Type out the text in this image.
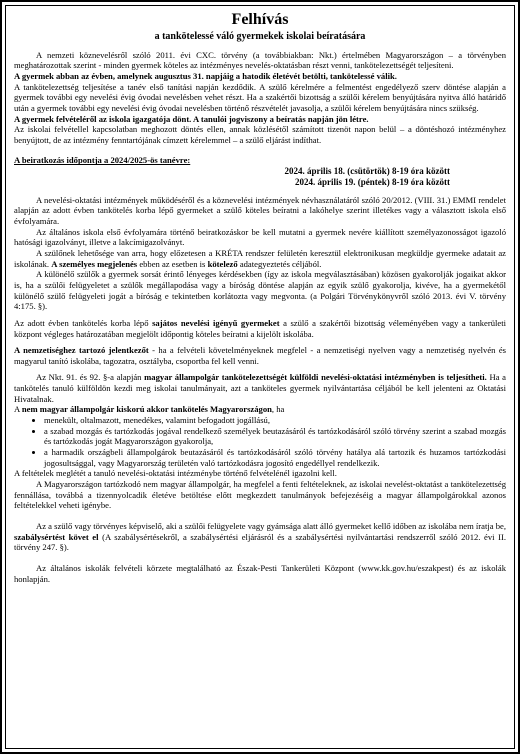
Felhívás
a tankötelessé váló gyermekek iskolai beíratására

A nemzeti köznevelésről szóló 2011. évi CXC. törvény (a továbbiakban: Nkt.) értelmében Magyarországon – a törvényben meghatározottak szerint - minden gyermek köteles az intézményes nevelés-oktatásban részt venni, tankötelezettségét teljesíteni.

A gyermek abban az évben, amelynek augusztus 31. napjáig a hatodik életévét betölti, tankötelessé válik.

A tankötelezettség teljesítése a tanév első tanítási napján kezdődik. A szülő kérelmére a felmentést engedélyező szerv döntése alapján a gyermek további egy nevelési évig óvodai nevelésben vehet részt. Ha a szakértői bizottság a szülői kérelem benyújtására nyitva álló határidő után a gyermek további egy nevelési évig óvodai nevelésben történő részvételét javasolja, a szülői kérelem benyújtására nincs szükség.

A gyermek felvételéről az iskola igazgatója dönt. A tanulói jogviszony a beíratás napján jön létre.

Az iskolai felvétellel kapcsolatban meghozott döntés ellen, annak közlésétől számított tizenöt napon belül – a döntéshozó intézményhez benyújtott, de az intézmény fenntartójának címzett kérelemmel – a szülő eljárást indíthat.

A beiratkozás időpontja a 2024/2025-ös tanévre:

2024. április 18. (csütörtök) 8-19 óra között
2024. április 19. (péntek) 8-19 óra között

A nevelési-oktatási intézmények működéséről és a köznevelési intézmények névhasználatáról szóló 20/2012. (VIII. 31.) EMMI rendelet alapján az adott évben tankötelés korba lépő gyermeket a szülő köteles beíratni a lakóhelye szerint illetékes vagy a választott iskola első évfolyamára.

Az általános iskola első évfolyamára történő beiratkozáskor be kell mutatni a gyermek nevére kiállított személyazonosságot igazoló hatósági igazolványt, illetve a lakcímigazolványt.

A szülőnek lehetősége van arra, hogy előzetesen a KRÉTA rendszer felületén keresztül elektronikusan megküldje gyermeke adatait az iskolának. A személyes megjelenés ebben az esetben is kötelező adategyeztetés céljából.

A különélő szülők a gyermek sorsát érintő lényeges kérdésekben (így az iskola megválasztásában) közösen gyakorolják jogaikat akkor is, ha a szülői felügyeletet a szülők megállapodása vagy a bíróság döntése alapján az egyik szülő gyakorolja, kivéve, ha a gyermekétől különélő szülő felügyeleti jogát a bíróság e tekintetben korlátozta vagy megvonta. (a Polgári Törvénykönyvről szóló 2013. évi V. törvény 4:175. §).

Az adott évben tankötelés korba lépő sajátos nevelési igényű gyermeket a szülő a szakértői bizottság véleményében vagy a tankerületi központ végleges határozatában megjelölt időpontig köteles beíratni a kijelölt iskolába.

A nemzetiséghez tartozó jelentkezőt - ha a felvételi követelményeknek megfelel - a nemzetiségi nyelven vagy a nemzetiség nyelvén és magyarul tanító iskolába, tagozatra, osztályba, csoportba fel kell venni.

Az Nkt. 91. és 92. §-a alapján magyar állampolgár tankötelezettségét külföldi nevelési-oktatási intézményben is teljesítheti. Ha a tankötelés tanuló külföldön kezdi meg iskolai tanulmányait, azt a tanköteles gyermek nyilvántartása céljából be kell jelenteni az Oktatási Hivatalnak.

A nem magyar állampolgár kiskorú akkor tankötelés Magyarországon, ha

• menekült, oltalmazott, menedékes, valamint befogadott jogállású,
• a szabad mozgás és tartózkodás jogával rendelkező személyek beutazásáról és tartózkodásáról szóló törvény szerint a szabad mozgás és tartózkodás jogát Magyarországon gyakorolja,
• a harmadik országbeli állampolgárok beutazásáról és tartózkodásáról szóló törvény hatálya alá tartozik és huzamos tartózkodási jogosultsággal, vagy Magyarország területén való tartózkodásra jogosító engedéllyel rendelkezik.

A feltételek meglétét a tanuló nevelési-oktatási intézménybe történő felvételénél igazolni kell.

A Magyarországon tartózkodó nem magyar állampolgár, ha megfelel a fenti feltételeknek, az iskolai nevelést-oktatást a tankötelezettség fennállása, továbbá a tizennyolcadik életéve betöltése előtt megkezdett tanulmányok befejezéséig a magyar állampolgárokkal azonos feltételekkel veheti igénybe.

Az a szülő vagy törvényes képviselő, aki a szülői felügyelete vagy gyámsága alatt álló gyermeket kellő időben az iskolába nem íratja be, szabálysértést követ el (A szabálysértésekről, a szabálysértési eljárásról és a szabálysértési nyilvántartási rendszerről szóló 2012. évi II. törvény 247. §).

Az általános iskolák felvételi körzete megtalálható az Észak-Pesti Tankerületi Központ (www.kk.gov.hu/eszakpest) és az iskolák honlapján.
